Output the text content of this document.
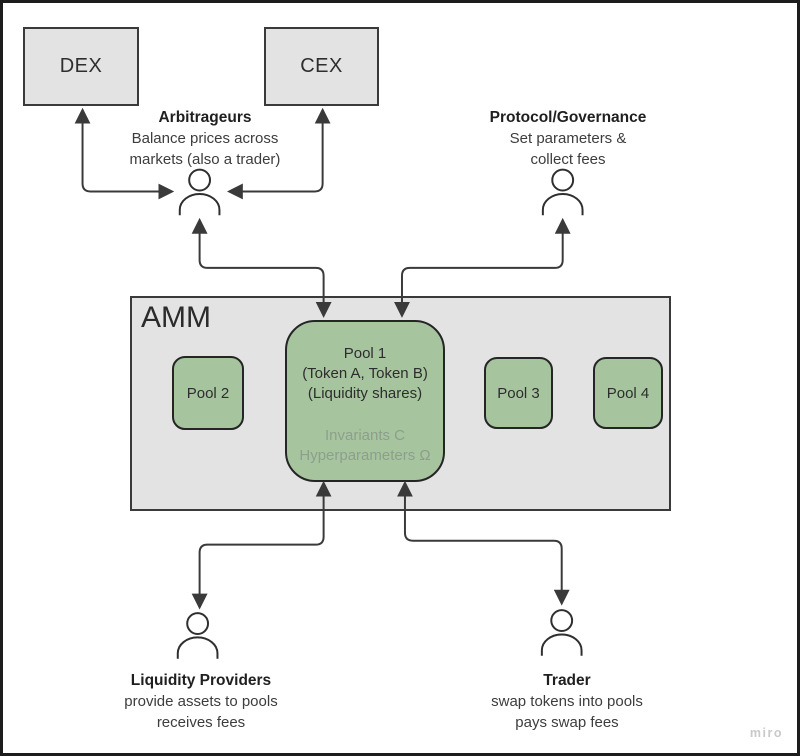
DEX	CEX
Arbitrageurs
Balance prices across
markets (also a trader)
Protocol/Governance
Set parameters &
collect fees
Liquidity Providers
provide assets to pools
receives fees
Trader
swap tokens into pools
pays swap fees
AMM
Pool 1
(Token A, Token B)
(Liquidity shares)
Invariants C
Hyperparameters Ω
Pool 2	Pool 3	Pool 4
miro
